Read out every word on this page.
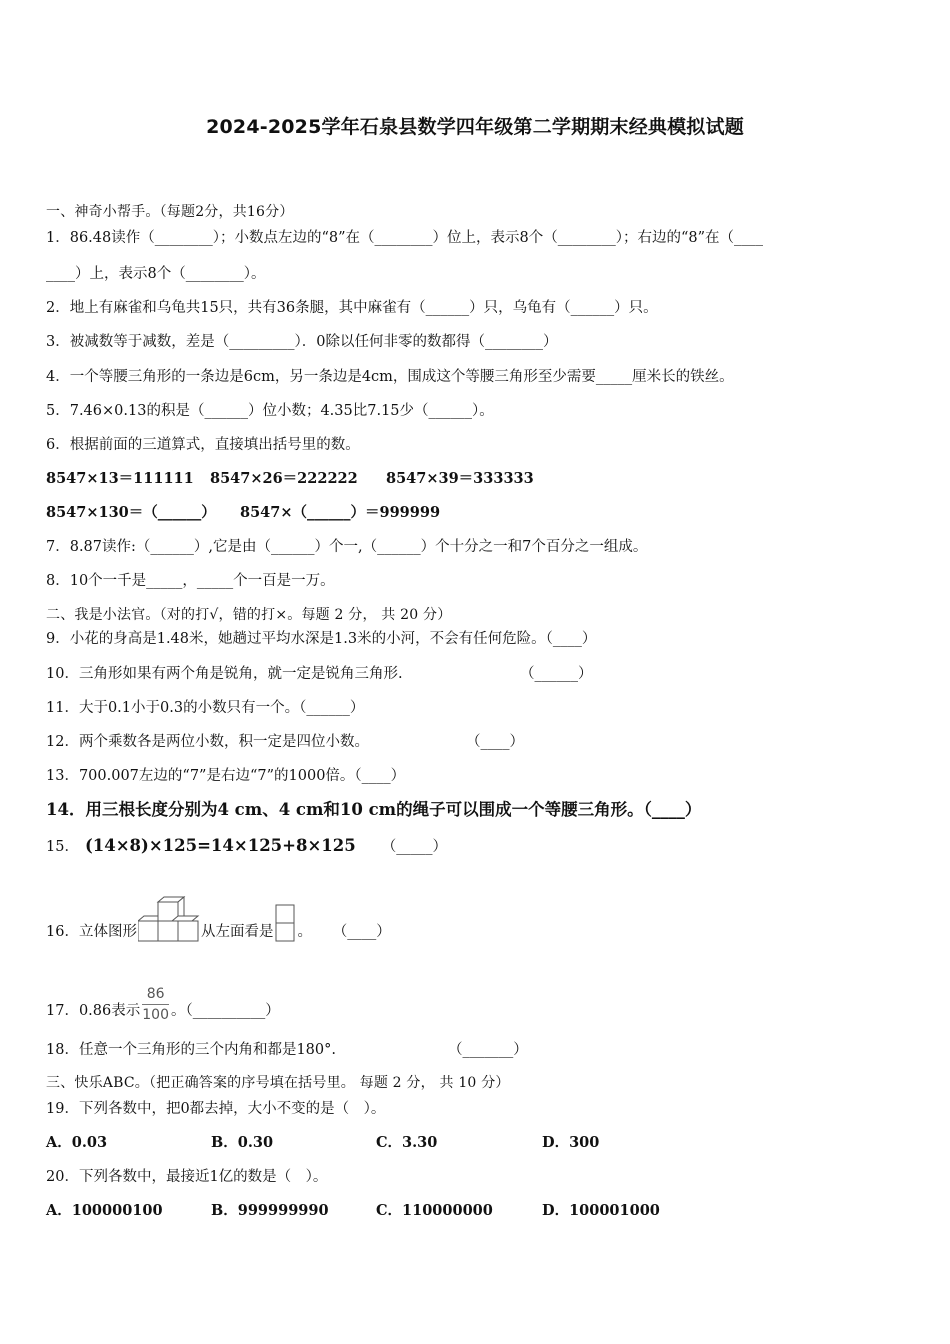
2024-2025学年石泉县数学四年级第二学期期末经典模拟试题
一、神奇小帮手。（每题2分，共16分）
1．86.48读作（________）；小数点左边的“8”在（________）位上，表示8个（________）；右边的“8”在（____
____）上，表示8个（________）。
2．地上有麻雀和乌龟共15只，共有36条腿，其中麻雀有（______）只，乌龟有（______）只。
3．被减数等于减数，差是（_________）．0除以任何非零的数都得（________）
4．一个等腰三角形的一条边是6cm，另一条边是4cm，围成这个等腰三角形至少需要_____厘米长的铁丝。
5．7.46×0.13的积是（______）位小数；4.35比7.15少（______）。
6．根据前面的三道算式，直接填出括号里的数。
8547×13＝111111 8547×26＝222222 8547×39＝333333
8547×130＝（______） 8547×（______）＝999999
7．8.87读作:（______）,它是由（______）个一,（______）个十分之一和7个百分之一组成。
8．10个一千是_____，_____个一百是一万。
二、我是小法官。（对的打√，错的打×。每题 2 分， 共 20 分）
9．小花的身高是1.48米，她趟过平均水深是1.3米的小河，不会有任何危险。（____）
10．三角形如果有两个角是锐角，就一定是锐角三角形.	（______）
11．大于0.1小于0.3的小数只有一个。（______）
12．两个乘数各是两位小数，积一定是四位小数。	（____）
13．700.007左边的“7”是右边“7”的1000倍。（____）
14．用三根长度分别为4 cm、4 cm和10 cm的绳子可以围成一个等腰三角形。（____）
15． (14×8)×125=14×125+8×125 （_____）
16．立体图形	从左面看是 。 （____）
17．0.86表示 $\frac{86}{100}$ 。（__________）
18．任意一个三角形的三个内角和都是180°.	（_______）
三、快乐ABC。（把正确答案的序号填在括号里。 每题 2 分， 共 10 分）
19．下列各数中，把0都去掉，大小不变的是（　）。
A．0.03	B．0.30	C．3.30	D．300
20．下列各数中，最接近1亿的数是（　）。
A．100000100	B．999999990	C．110000000	D．100001000
